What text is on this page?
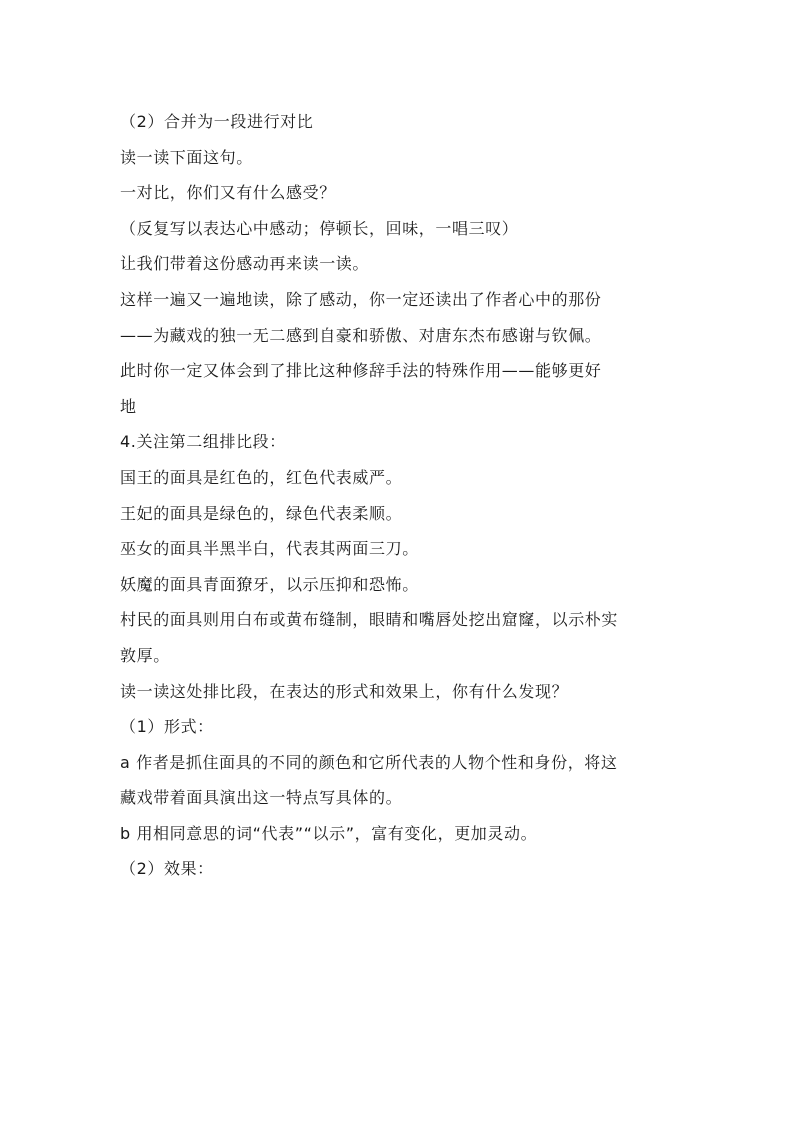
（2）合并为一段进行对比

读一读下面这句。

一对比，你们又有什么感受？

（反复写以表达心中感动；停顿长，回味，一唱三叹）

让我们带着这份感动再来读一读。

这样一遍又一遍地读，除了感动，你一定还读出了作者心中的那份

——为藏戏的独一无二感到自豪和骄傲、对唐东杰布感谢与钦佩。

此时你一定又体会到了排比这种修辞手法的特殊作用——能够更好

地

4.关注第二组排比段：

国王的面具是红色的，红色代表威严。

王妃的面具是绿色的，绿色代表柔顺。

巫女的面具半黑半白，代表其两面三刀。

妖魔的面具青面獠牙，以示压抑和恐怖。

村民的面具则用白布或黄布缝制，眼睛和嘴唇处挖出窟窿，以示朴实

敦厚。

读一读这处排比段，在表达的形式和效果上，你有什么发现？

（1）形式：

a 作者是抓住面具的不同的颜色和它所代表的人物个性和身份，将这

藏戏带着面具演出这一特点写具体的。

b 用相同意思的词“代表”“以示”，富有变化，更加灵动。

（2）效果：
